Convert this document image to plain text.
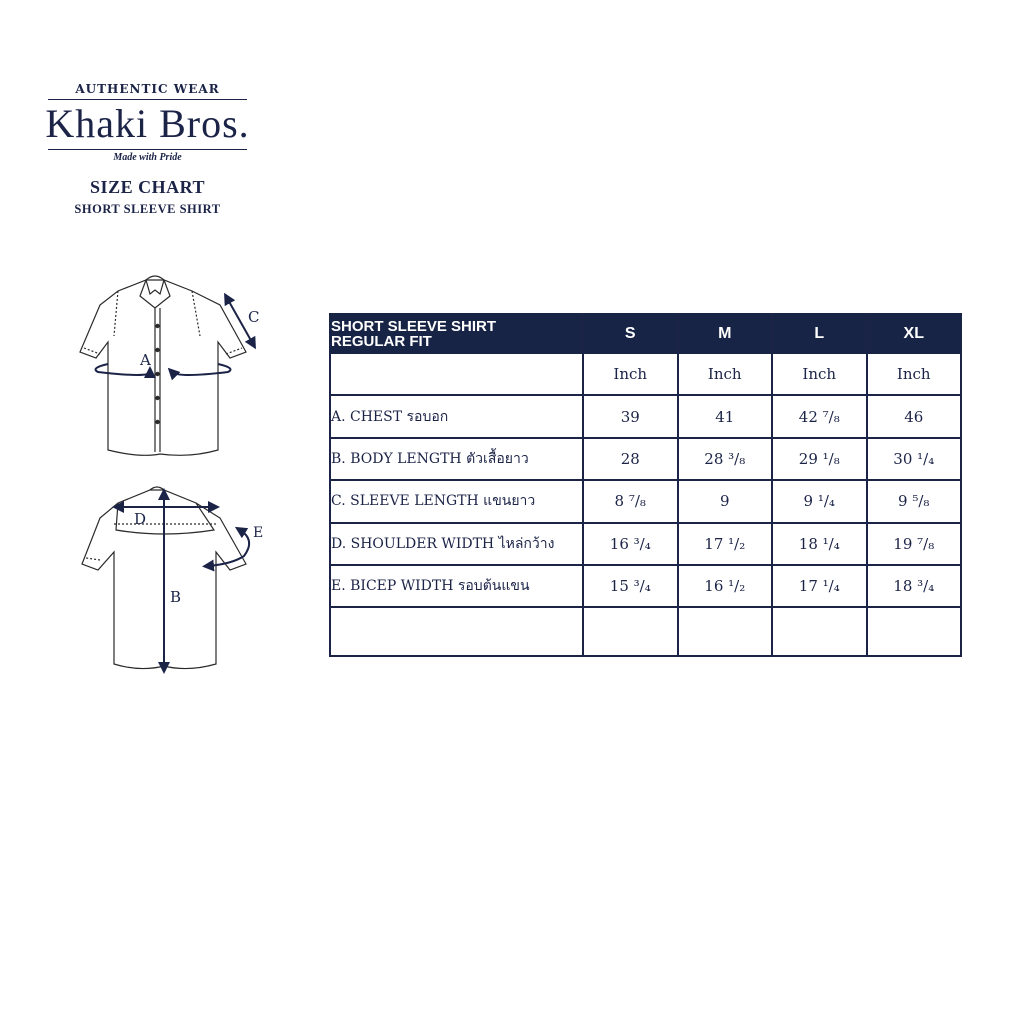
AUTHENTIC WEAR
Khaki Bros.
Made with Pride
SIZE CHART
SHORT SLEEVE SHIRT
A
C
D
B
E
SHORT SLEEVE SHIRT
REGULAR FIT	S	M	L	XL
	Inch	Inch	Inch	Inch
A. CHEST รอบอก	39	41	42 ⁷/₈	46
B. BODY LENGTH ตัวเสื้อยาว	28	28 ³/₈	29 ¹/₈	30 ¹/₄
C. SLEEVE LENGTH แขนยาว	8 ⁷/₈	9	9 ¹/₄	9 ⁵/₈
D. SHOULDER WIDTH ไหล่กว้าง	16 ³/₄	17 ¹/₂	18 ¹/₄	19 ⁷/₈
E. BICEP WIDTH รอบต้นแขน	15 ³/₄	16 ¹/₂	17 ¹/₄	18 ³/₄
